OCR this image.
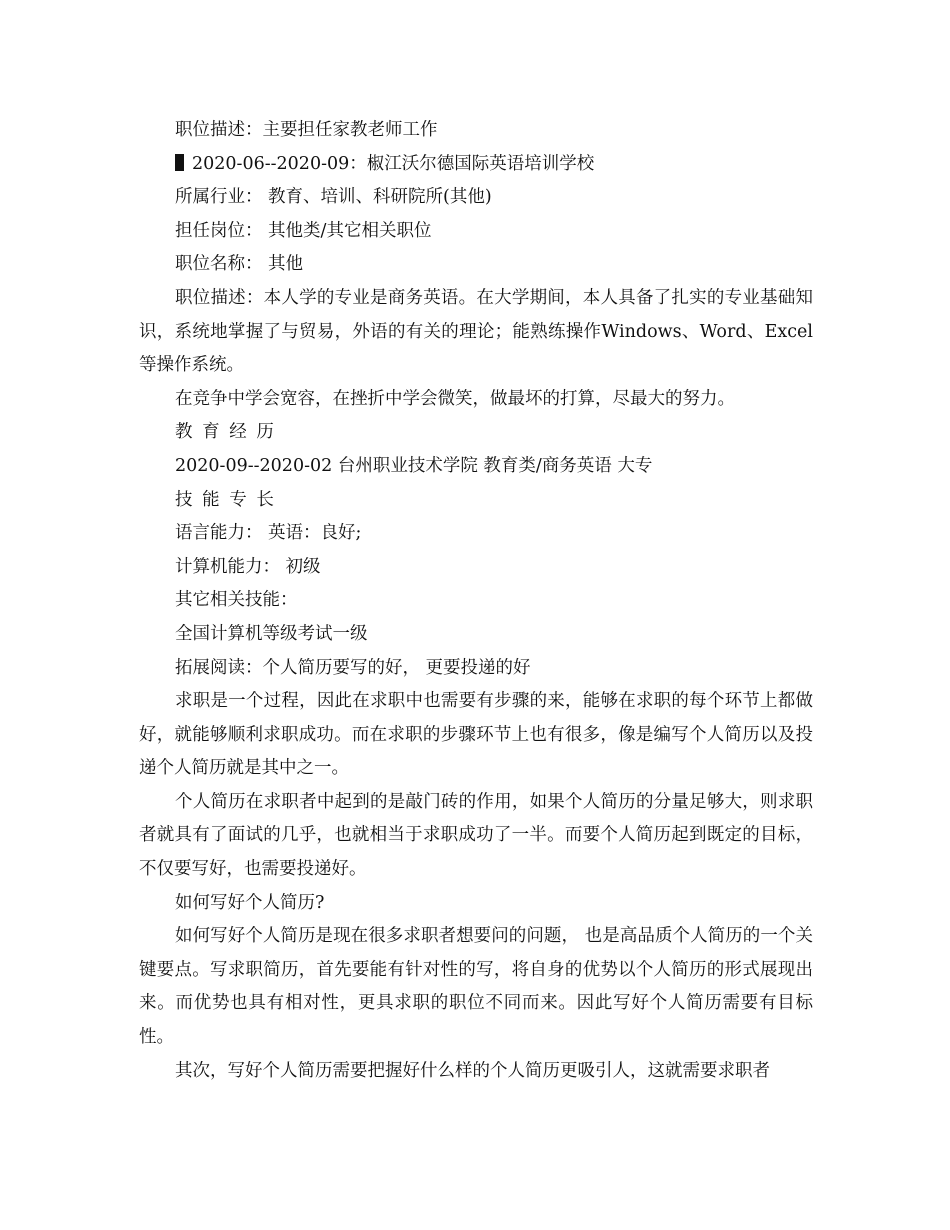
职位描述：主要担任家教老师工作
2020-06--2020-09：椒江沃尔德国际英语培训学校
所属行业： 教育、培训、科研院所(其他)
担任岗位： 其他类/其它相关职位
职位名称： 其他
职位描述：本人学的专业是商务英语。在大学期间，本人具备了扎实的专业基础知识，系统地掌握了与贸易，外语的有关的理论；能熟练操作Windows、Word、Excel等操作系统。
在竞争中学会宽容，在挫折中学会微笑，做最坏的打算，尽最大的努力。
教育经历
2020-09--2020-02 台州职业技术学院 教育类/商务英语 大专
技能专长
语言能力： 英语：良好;
计算机能力： 初级
其它相关技能：
全国计算机等级考试一级
拓展阅读：个人简历要写的好， 更要投递的好
求职是一个过程，因此在求职中也需要有步骤的来，能够在求职的每个环节上都做好，就能够顺利求职成功。而在求职的步骤环节上也有很多，像是编写个人简历以及投递个人简历就是其中之一。
个人简历在求职者中起到的是敲门砖的作用，如果个人简历的分量足够大，则求职者就具有了面试的几乎，也就相当于求职成功了一半。而要个人简历起到既定的目标，不仅要写好，也需要投递好。
如何写好个人简历?
如何写好个人简历是现在很多求职者想要问的问题， 也是高品质个人简历的一个关键要点。写求职简历，首先要能有针对性的写，将自身的优势以个人简历的形式展现出来。而优势也具有相对性，更具求职的职位不同而来。因此写好个人简历需要有目标性。
其次，写好个人简历需要把握好什么样的个人简历更吸引人，这就需要求职者
